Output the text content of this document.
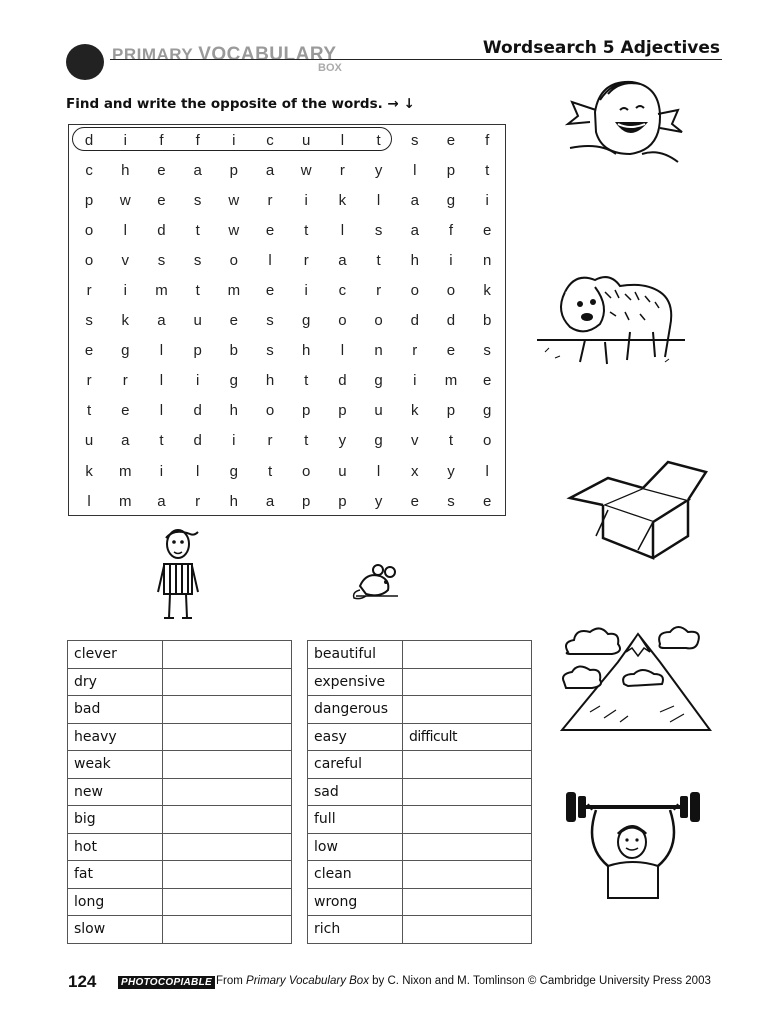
PRIMARY VOCABULARY
BOX
Wordsearch 5 Adjectives
Find and write the opposite of the words. → ↓
d	i	f	f	i	c	u	l	t	s	e	f
c	h	e	a	p	a	w	r	y	l	p	t
p	w	e	s	w	r	i	k	l	a	g	i
o	l	d	t	w	e	t	l	s	a	f	e
o	v	s	s	o	l	r	a	t	h	i	n
r	i	m	t	m	e	i	c	r	o	o	k
s	k	a	u	e	s	g	o	o	d	d	b
e	g	l	p	b	s	h	l	n	r	e	s
r	r	l	i	g	h	t	d	g	i	m	e
t	e	l	d	h	o	p	p	u	k	p	g
u	a	t	d	i	r	t	y	g	v	t	o
k	m	i	l	g	t	o	u	l	x	y	l
l	m	a	r	h	a	p	p	y	e	s	e
clever	
dry	
bad	
heavy	
weak	
new	
big	
hot	
fat	
long	
slow	
beautiful	
expensive	
dangerous	
easy	difficult
careful	
sad	
full	
low	
clean	
wrong	
rich	
124	PHOTOCOPIABLE From Primary Vocabulary Box by C. Nixon and M. Tomlinson © Cambridge University Press 2003
